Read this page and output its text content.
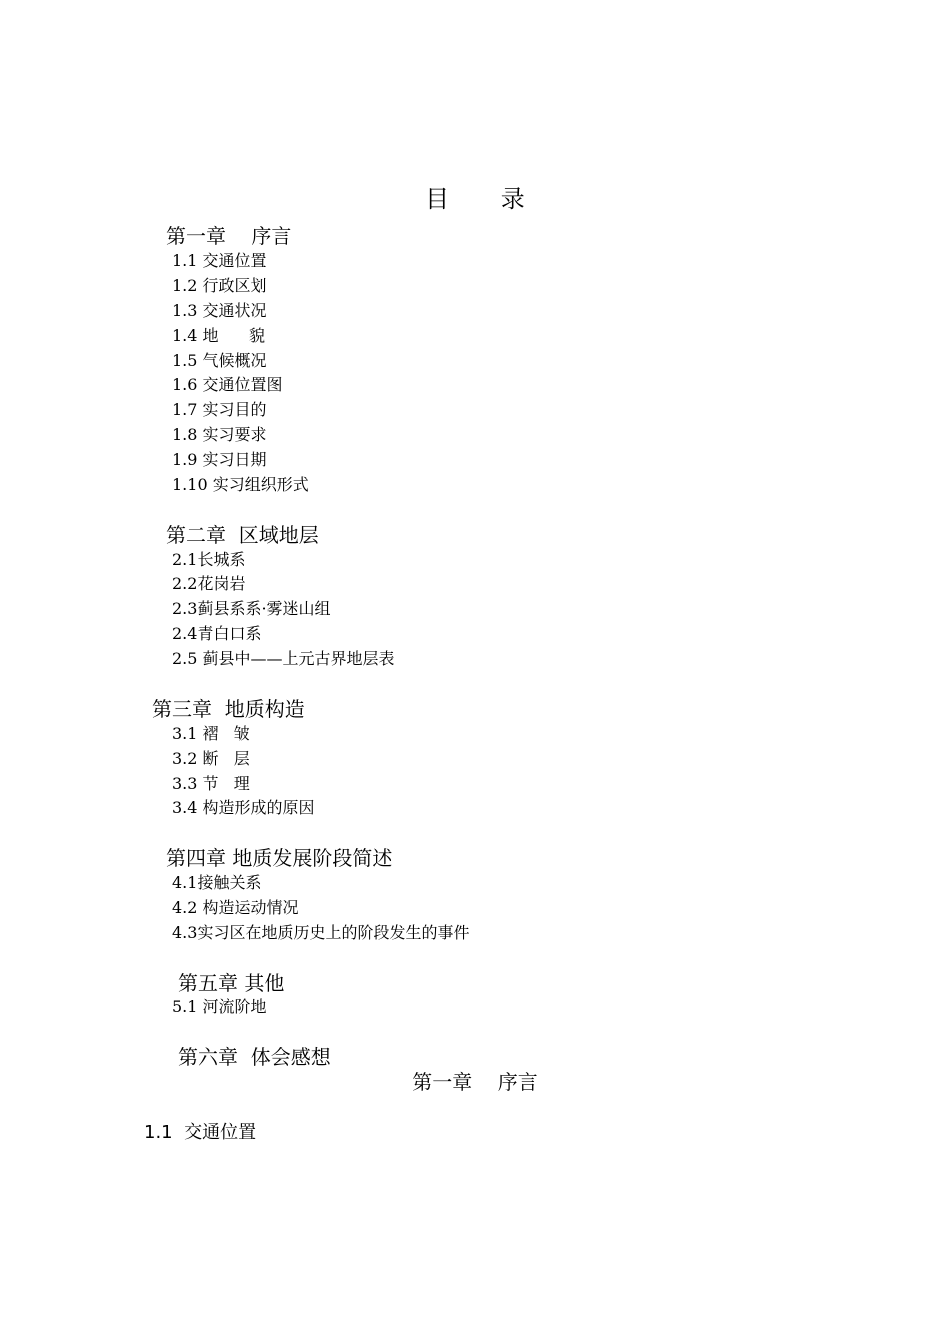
目 录
第一章    序言
1.1 交通位置
1.2 行政区划
1.3 交通状况
1.4 地      貌
1.5 气候概况
1.6 交通位置图
1.7 实习目的
1.8 实习要求
1.9 实习日期
1.10 实习组织形式
第二章  区域地层
2.1长城系
2.2花岗岩
2.3蓟县系系·雾迷山组
2.4青白口系
2.5 蓟县中——上元古界地层表
第三章  地质构造
3.1 褶   皱
3.2 断   层
3.3 节   理
3.4 构造形成的原因
第四章 地质发展阶段简述
4.1接触关系
4.2 构造运动情况
4.3实习区在地质历史上的阶段发生的事件
第五章 其他
5.1 河流阶地
第六章  体会感想
第一章    序言
1.1  交通位置
